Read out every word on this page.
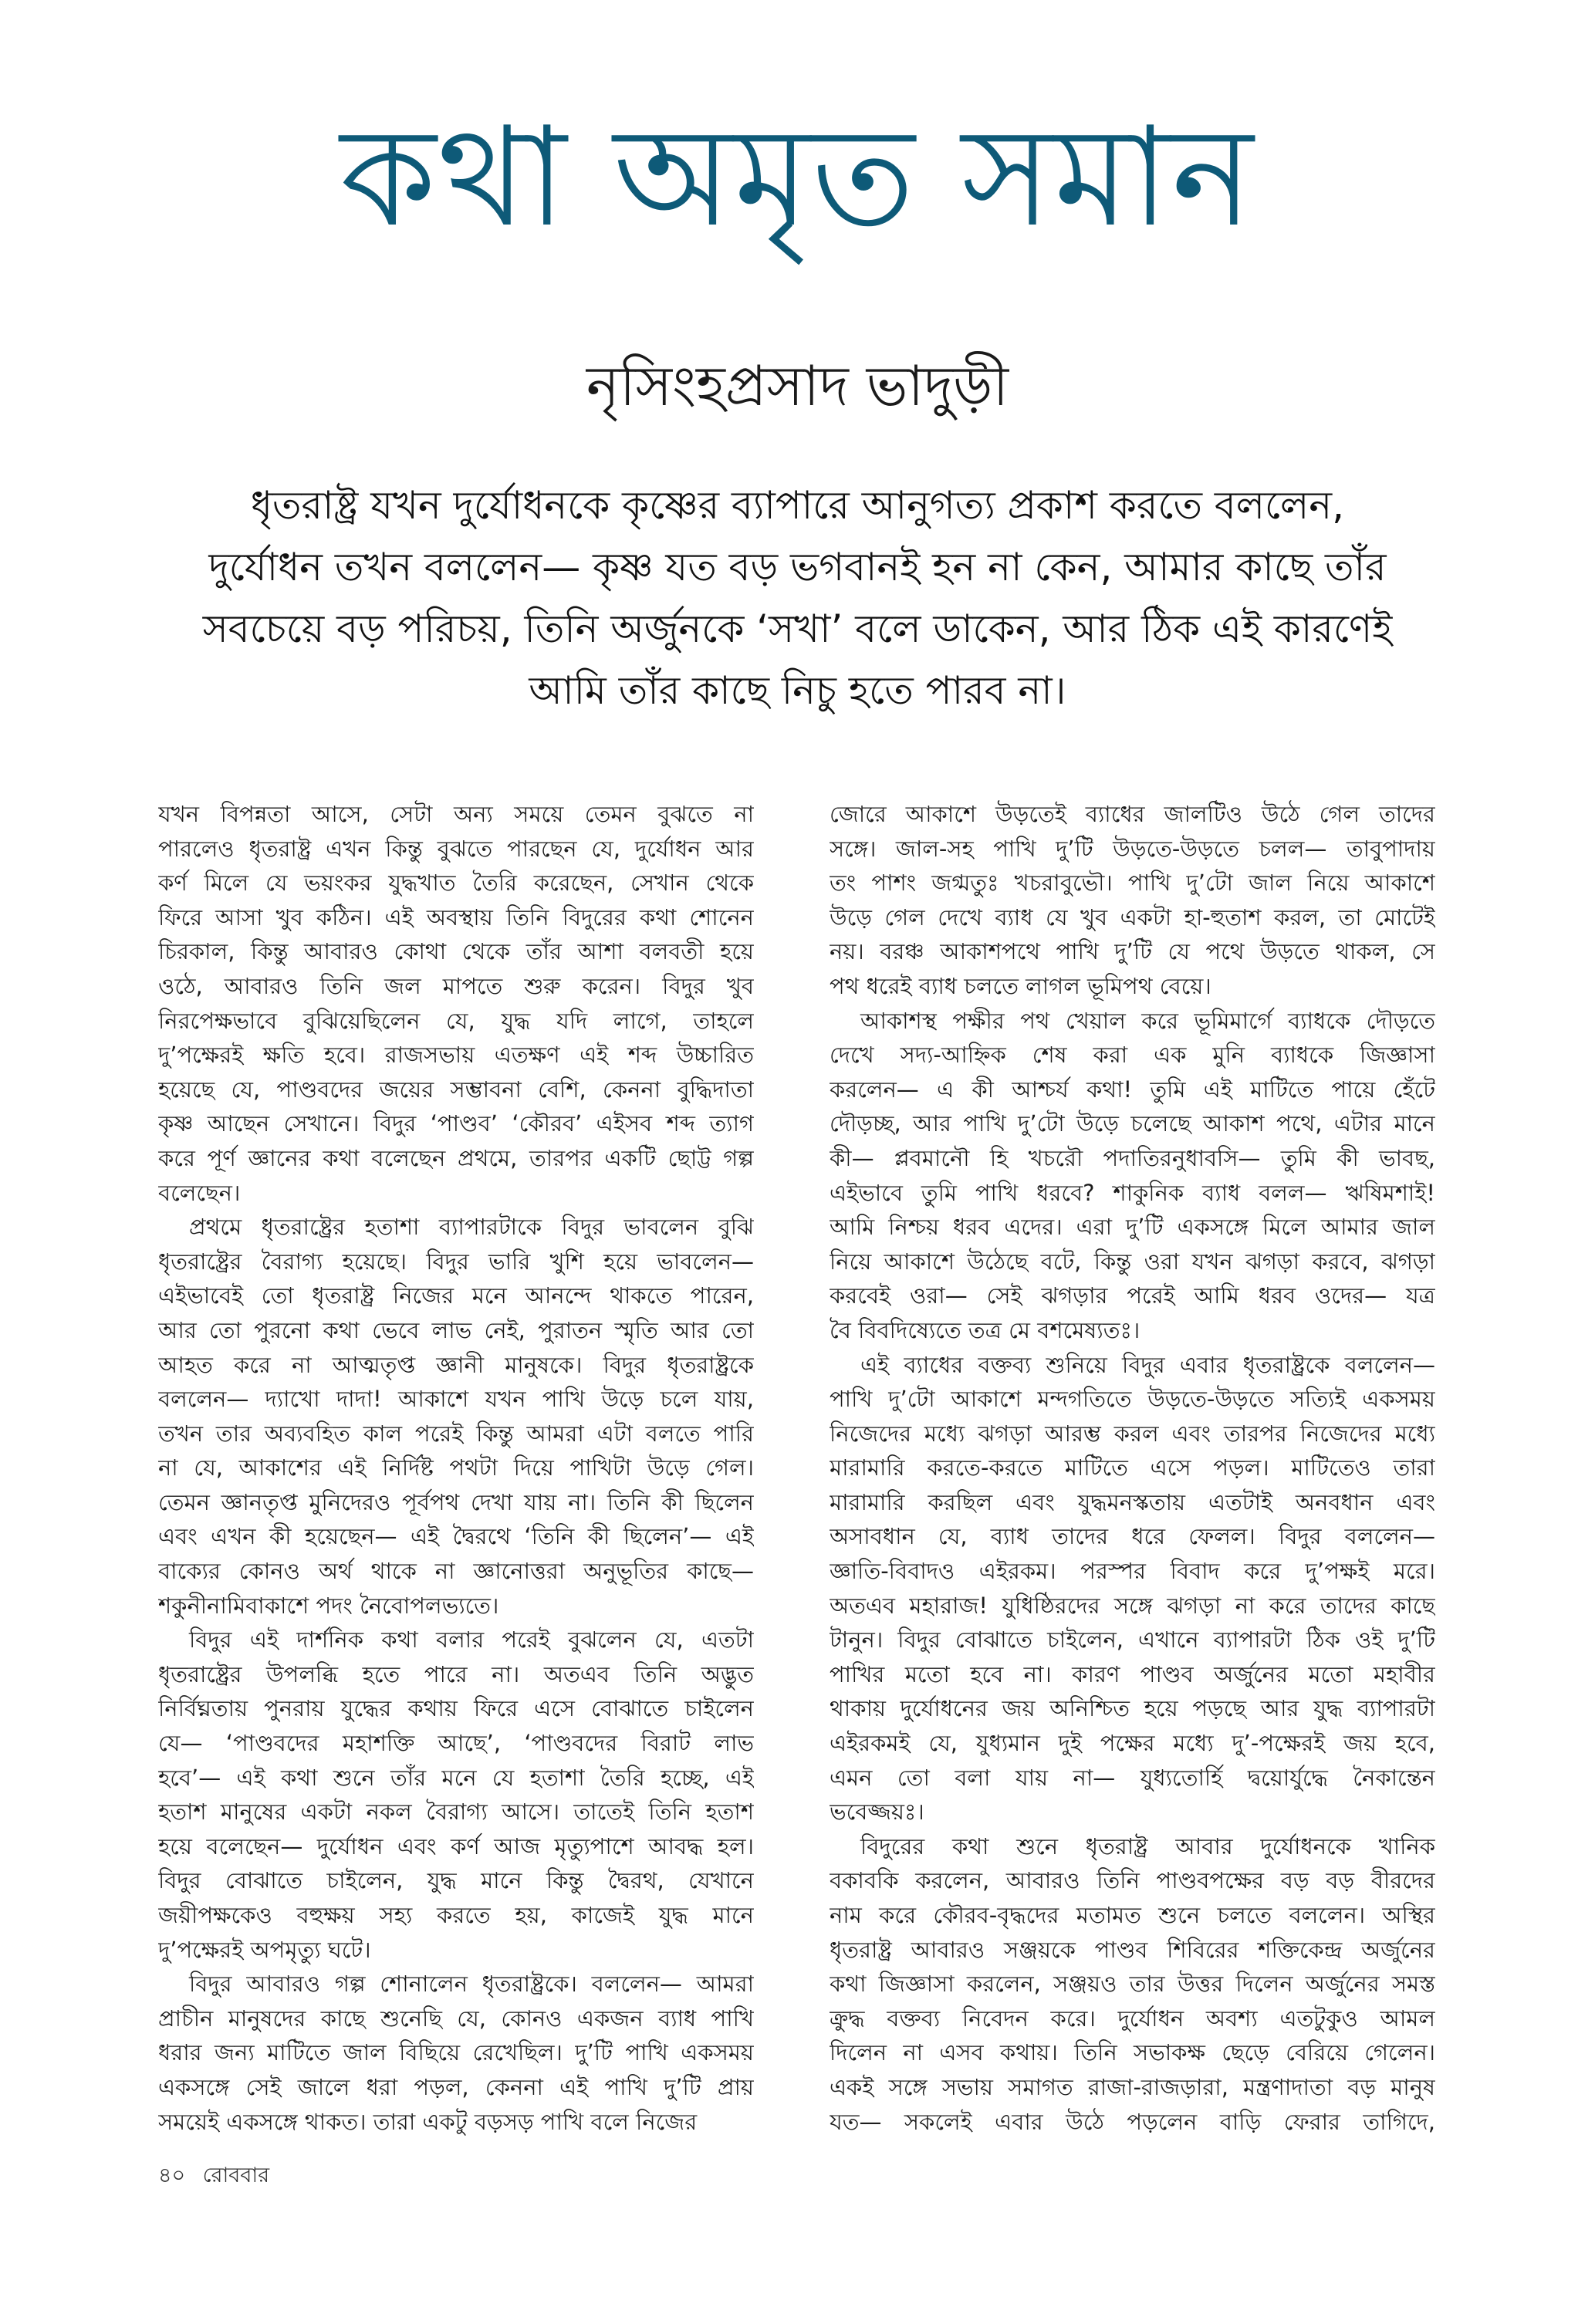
কথা অমৃত সমান
নৃসিংহপ্রসাদ ভাদুড়ী
ধৃতরাষ্ট্র যখন দুর্যোধনকে কৃষ্ণের ব্যাপারে আনুগত্য প্রকাশ করতে বললেন,
দুর্যোধন তখন বললেন— কৃষ্ণ যত বড় ভগবানই হন না কেন, আমার কাছে তাঁর
সবচেয়ে বড় পরিচয়, তিনি অর্জুনকে ‘সখা’ বলে ডাকেন, আর ঠিক এই কারণেই
আমি তাঁর কাছে নিচু হতে পারব না।
যখন বিপন্নতা আসে, সেটা অন্য সময়ে তেমন বুঝতে না
পারলেও ধৃতরাষ্ট্র এখন কিন্তু বুঝতে পারছেন যে, দুর্যোধন আর
কর্ণ মিলে যে ভয়ংকর যুদ্ধখাত তৈরি করেছেন, সেখান থেকে
ফিরে আসা খুব কঠিন। এই অবস্থায় তিনি বিদুরের কথা শোনেন
চিরকাল, কিন্তু আবারও কোথা থেকে তাঁর আশা বলবতী হয়ে
ওঠে, আবারও তিনি জল মাপতে শুরু করেন। বিদুর খুব
নিরপেক্ষভাবে বুঝিয়েছিলেন যে, যুদ্ধ যদি লাগে, তাহলে
দু’পক্ষেরই ক্ষতি হবে। রাজসভায় এতক্ষণ এই শব্দ উচ্চারিত
হয়েছে যে, পাণ্ডবদের জয়ের সম্ভাবনা বেশি, কেননা বুদ্ধিদাতা
কৃষ্ণ আছেন সেখানে। বিদুর ‘পাণ্ডব’ ‘কৌরব’ এইসব শব্দ ত্যাগ
করে পূর্ণ জ্ঞানের কথা বলেছেন প্রথমে, তারপর একটি ছোট্ট গল্প
বলেছেন।
প্রথমে ধৃতরাষ্ট্রের হতাশা ব্যাপারটাকে বিদুর ভাবলেন বুঝি
ধৃতরাষ্ট্রের বৈরাগ্য হয়েছে। বিদুর ভারি খুশি হয়ে ভাবলেন—
এইভাবেই তো ধৃতরাষ্ট্র নিজের মনে আনন্দে থাকতে পারেন,
আর তো পুরনো কথা ভেবে লাভ নেই, পুরাতন স্মৃতি আর তো
আহত করে না আত্মতৃপ্ত জ্ঞানী মানুষকে। বিদুর ধৃতরাষ্ট্রকে
বললেন— দ্যাখো দাদা! আকাশে যখন পাখি উড়ে চলে যায়,
তখন তার অব্যবহিত কাল পরেই কিন্তু আমরা এটা বলতে পারি
না যে, আকাশের এই নির্দিষ্ট পথটা দিয়ে পাখিটা উড়ে গেল।
তেমন জ্ঞানতৃপ্ত মুনিদেরও পূর্বপথ দেখা যায় না। তিনি কী ছিলেন
এবং এখন কী হয়েছেন— এই দ্বৈরথে ‘তিনি কী ছিলেন’— এই
বাক্যের কোনও অর্থ থাকে না জ্ঞানোত্তরা অনুভূতির কাছে—
শকুনীনামিবাকাশে পদং নৈবোপলভ্যতে।
বিদুর এই দার্শনিক কথা বলার পরেই বুঝলেন যে, এতটা
ধৃতরাষ্ট্রের উপলব্ধি হতে পারে না। অতএব তিনি অদ্ভুত
নির্বিঘ্নতায় পুনরায় যুদ্ধের কথায় ফিরে এসে বোঝাতে চাইলেন
যে— ‘পাণ্ডবদের মহাশক্তি আছে’, ‘পাণ্ডবদের বিরাট লাভ
হবে’— এই কথা শুনে তাঁর মনে যে হতাশা তৈরি হচ্ছে, এই
হতাশ মানুষের একটা নকল বৈরাগ্য আসে। তাতেই তিনি হতাশ
হয়ে বলেছেন— দুর্যোধন এবং কর্ণ আজ মৃত্যুপাশে আবদ্ধ হল।
বিদুর বোঝাতে চাইলেন, যুদ্ধ মানে কিন্তু দ্বৈরথ, যেখানে
জয়ীপক্ষকেও বহুক্ষয় সহ্য করতে হয়, কাজেই যুদ্ধ মানে
দু’পক্ষেরই অপমৃত্যু ঘটে।
বিদুর আবারও গল্প শোনালেন ধৃতরাষ্ট্রকে। বললেন— আমরা
প্রাচীন মানুষদের কাছে শুনেছি যে, কোনও একজন ব্যাধ পাখি
ধরার জন্য মাটিতে জাল বিছিয়ে রেখেছিল। দু’টি পাখি একসময়
একসঙ্গে সেই জালে ধরা পড়ল, কেননা এই পাখি দু’টি প্রায়
সময়েই একসঙ্গে থাকত। তারা একটু বড়সড় পাখি বলে নিজের
জোরে আকাশে উড়তেই ব্যাধের জালটিও উঠে গেল তাদের
সঙ্গে। জাল-সহ পাখি দু’টি উড়তে-উড়তে চলল— তাবুপাদায়
তং পাশং জগ্মতুঃ খচরাবুভৌ। পাখি দু’টো জাল নিয়ে আকাশে
উড়ে গেল দেখে ব্যাধ যে খুব একটা হা-হুতাশ করল, তা মোটেই
নয়। বরঞ্চ আকাশপথে পাখি দু’টি যে পথে উড়তে থাকল, সে
পথ ধরেই ব্যাধ চলতে লাগল ভূমিপথ বেয়ে।
আকাশস্থ পক্ষীর পথ খেয়াল করে ভূমিমার্গে ব্যাধকে দৌড়তে
দেখে সদ্য-আহ্নিক শেষ করা এক মুনি ব্যাধকে জিজ্ঞাসা
করলেন— এ কী আশ্চর্য কথা! তুমি এই মাটিতে পায়ে হেঁটে
দৌড়চ্ছ, আর পাখি দু’টো উড়ে চলেছে আকাশ পথে, এটার মানে
কী— প্লবমানৌ হি খচরৌ পদাতিরনুধাবসি— তুমি কী ভাবছ,
এইভাবে তুমি পাখি ধরবে? শাকুনিক ব্যাধ বলল— ঋষিমশাই!
আমি নিশ্চয় ধরব এদের। এরা দু’টি একসঙ্গে মিলে আমার জাল
নিয়ে আকাশে উঠেছে বটে, কিন্তু ওরা যখন ঝগড়া করবে, ঝগড়া
করবেই ওরা— সেই ঝগড়ার পরেই আমি ধরব ওদের— যত্র
বৈ বিবদিষ্যেতে তত্র মে বশমেষ্যতঃ।
এই ব্যাধের বক্তব্য শুনিয়ে বিদুর এবার ধৃতরাষ্ট্রকে বললেন—
পাখি দু’টো আকাশে মন্দগতিতে উড়তে-উড়তে সত্যিই একসময়
নিজেদের মধ্যে ঝগড়া আরম্ভ করল এবং তারপর নিজেদের মধ্যে
মারামারি করতে-করতে মাটিতে এসে পড়ল। মাটিতেও তারা
মারামারি করছিল এবং যুদ্ধমনস্কতায় এতটাই অনবধান এবং
অসাবধান যে, ব্যাধ তাদের ধরে ফেলল। বিদুর বললেন—
জ্ঞাতি-বিবাদও এইরকম। পরস্পর বিবাদ করে দু’পক্ষই মরে।
অতএব মহারাজ! যুধিষ্ঠিরদের সঙ্গে ঝগড়া না করে তাদের কাছে
টানুন। বিদুর বোঝাতে চাইলেন, এখানে ব্যাপারটা ঠিক ওই দু’টি
পাখির মতো হবে না। কারণ পাণ্ডব অর্জুনের মতো মহাবীর
থাকায় দুর্যোধনের জয় অনিশ্চিত হয়ে পড়ছে আর যুদ্ধ ব্যাপারটা
এইরকমই যে, যুধ্যমান দুই পক্ষের মধ্যে দু’-পক্ষেরই জয় হবে,
এমন তো বলা যায় না— যুধ্যতোর্হি দ্বয়োর্যুদ্ধে নৈকান্তেন
ভবেজ্জয়ঃ।
বিদুরের কথা শুনে ধৃতরাষ্ট্র আবার দুর্যোধনকে খানিক
বকাবকি করলেন, আবারও তিনি পাণ্ডবপক্ষের বড় বড় বীরদের
নাম করে কৌরব-বৃদ্ধদের মতামত শুনে চলতে বললেন। অস্থির
ধৃতরাষ্ট্র আবারও সঞ্জয়কে পাণ্ডব শিবিরের শক্তিকেন্দ্র অর্জুনের
কথা জিজ্ঞাসা করলেন, সঞ্জয়ও তার উত্তর দিলেন অর্জুনের সমস্ত
ক্রুদ্ধ বক্তব্য নিবেদন করে। দুর্যোধন অবশ্য এতটুকুও আমল
দিলেন না এসব কথায়। তিনি সভাকক্ষ ছেড়ে বেরিয়ে গেলেন।
একই সঙ্গে সভায় সমাগত রাজা-রাজড়ারা, মন্ত্রণাদাতা বড় মানুষ
যত— সকলেই এবার উঠে পড়লেন বাড়ি ফেরার তাগিদে,
৪০ রোববার
